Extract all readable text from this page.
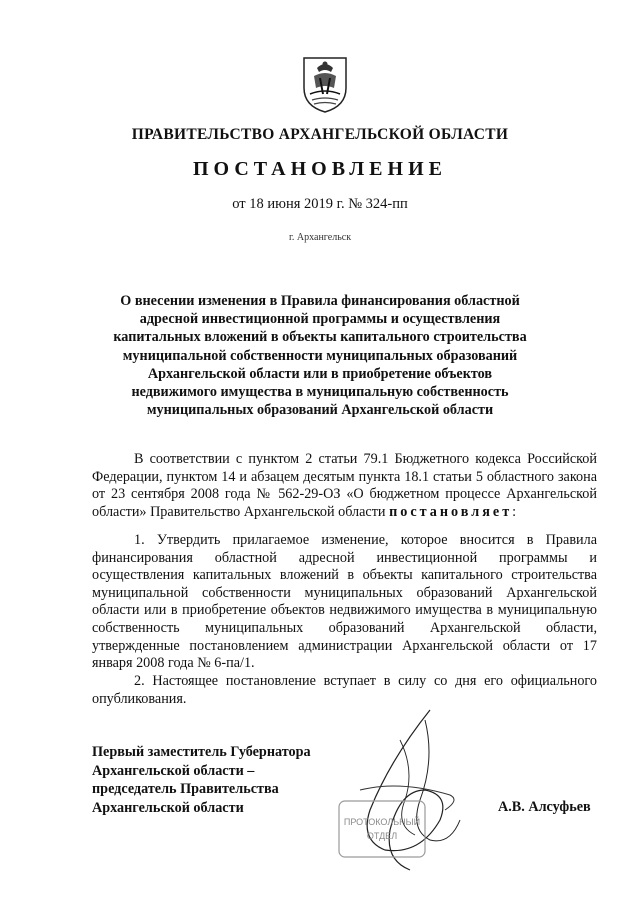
ПРАВИТЕЛЬСТВО АРХАНГЕЛЬСКОЙ ОБЛАСТИ
ПОСТАНОВЛЕНИЕ
от 18 июня 2019 г. № 324-пп
г. Архангельск
О внесении изменения в Правила финансирования областной адресной инвестиционной программы и осуществления капитальных вложений в объекты капитального строительства муниципальной собственности муниципальных образований Архангельской области или в приобретение объектов недвижимого имущества в муниципальную собственность муниципальных образований Архангельской области
В соответствии с пунктом 2 статьи 79.1 Бюджетного кодекса Российской Федерации, пунктом 14 и абзацем десятым пункта 18.1 статьи 5 областного закона от 23 сентября 2008 года № 562-29-ОЗ «О бюджетном процессе Архангельской области» Правительство Архангельской области постановляет:
1. Утвердить прилагаемое изменение, которое вносится в Правила финансирования областной адресной инвестиционной программы и осуществления капитальных вложений в объекты капитального строительства муниципальной собственности муниципальных образований Архангельской области или в приобретение объектов недвижимого имущества в муниципальную собственность муниципальных образований Архангельской области, утвержденные постановлением администрации Архангельской области от 17 января 2008 года № 6-па/1.
2. Настоящее постановление вступает в силу со дня его официального опубликования.
ПРОТОКОЛЬНЫЙ
ОТДЕЛ
Первый заместитель Губернатора
Архангельской области –
председатель Правительства
Архангельской области	А.В. Алсуфьев
